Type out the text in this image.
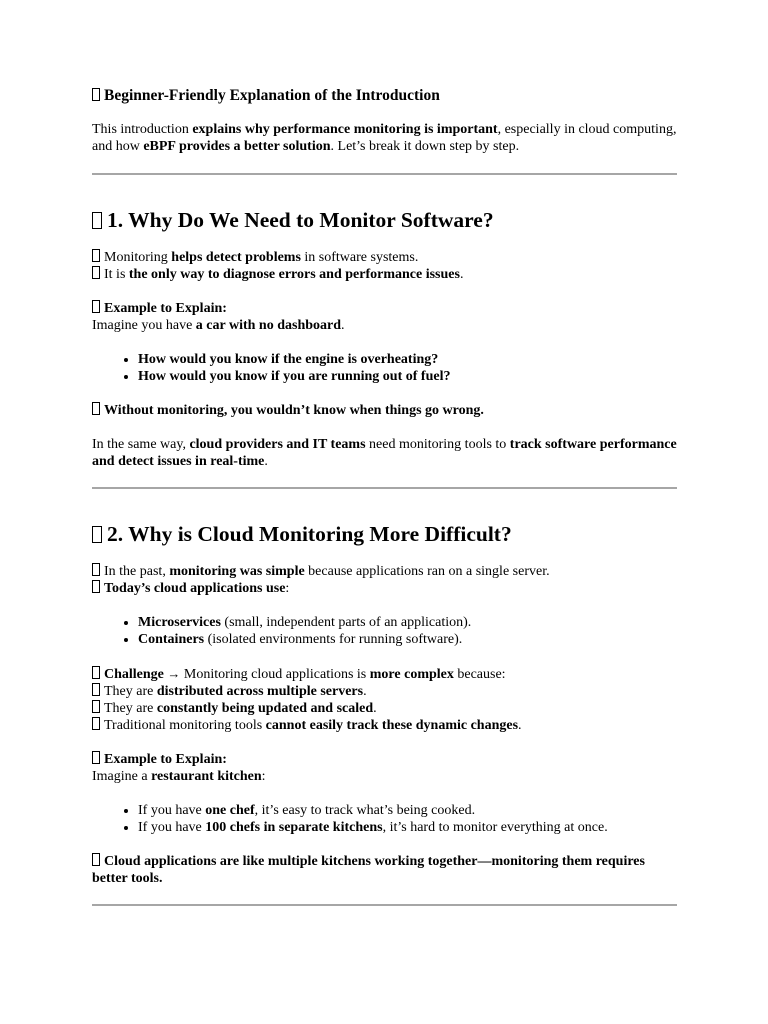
Beginner-Friendly Explanation of the Introduction

This introduction explains why performance monitoring is important, especially in cloud computing, and how eBPF provides a better solution. Let’s break it down step by step.

1. Why Do We Need to Monitor Software?

Monitoring helps detect problems in software systems.

It is the only way to diagnose errors and performance issues.

Example to Explain:

Imagine you have a car with no dashboard.

• How would you know if the engine is overheating?
• How would you know if you are running out of fuel?

Without monitoring, you wouldn’t know when things go wrong.

In the same way, cloud providers and IT teams need monitoring tools to track software performance and detect issues in real-time.

2. Why is Cloud Monitoring More Difficult?

In the past, monitoring was simple because applications ran on a single server.

Today’s cloud applications use:

• Microservices (small, independent parts of an application).
• Containers (isolated environments for running software).

Challenge → Monitoring cloud applications is more complex because:

They are distributed across multiple servers.

They are constantly being updated and scaled.

Traditional monitoring tools cannot easily track these dynamic changes.

Example to Explain:

Imagine a restaurant kitchen:

• If you have one chef, it’s easy to track what’s being cooked.
• If you have 100 chefs in separate kitchens, it’s hard to monitor everything at once.

Cloud applications are like multiple kitchens working together—monitoring them requires better tools.
